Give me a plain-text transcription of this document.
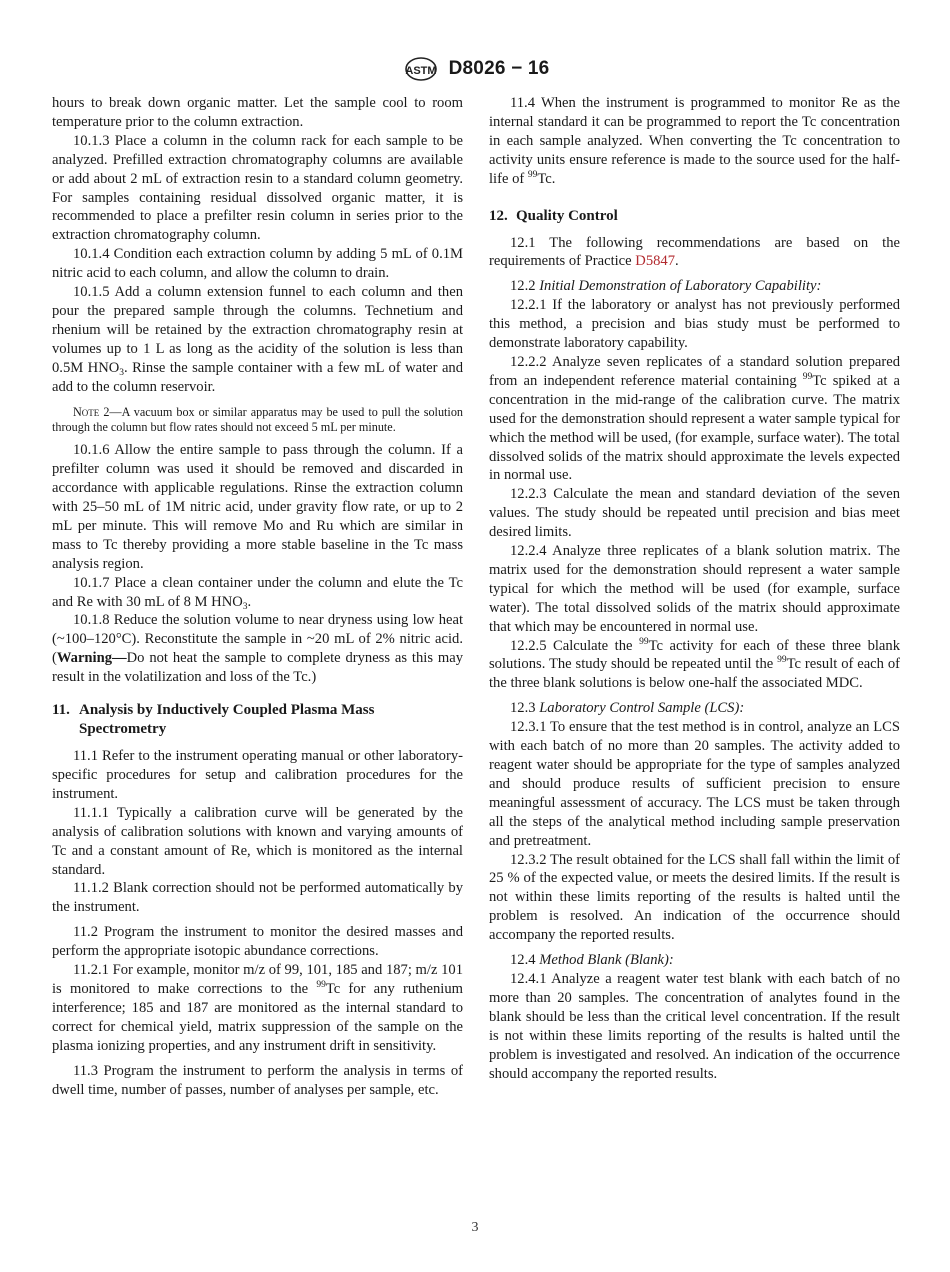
ASTM D8026 − 16

hours to break down organic matter. Let the sample cool to room temperature prior to the column extraction.

10.1.3 Place a column in the column rack for each sample to be analyzed. Prefilled extraction chromatography columns are available or add about 2 mL of extraction resin to a standard column geometry. For samples containing residual dissolved organic matter, it is recommended to place a prefilter resin column in series prior to the extraction chromatography column.

10.1.4 Condition each extraction column by adding 5 mL of 0.1M nitric acid to each column, and allow the column to drain.

10.1.5 Add a column extension funnel to each column and then pour the prepared sample through the columns. Technetium and rhenium will be retained by the extraction chromatography resin at volumes up to 1 L as long as the acidity of the solution is less than 0.5M $HNO_3$. Rinse the sample container with a few mL of water and add to the column reservoir.

Note 2—A vacuum box or similar apparatus may be used to pull the solution through the column but flow rates should not exceed 5 mL per minute.

10.1.6 Allow the entire sample to pass through the column. If a prefilter column was used it should be removed and discarded in accordance with applicable regulations. Rinse the extraction column with 25–50 mL of 1M nitric acid, under gravity flow rate, or up to 2 mL per minute. This will remove Mo and Ru which are similar in mass to Tc thereby providing a more stable baseline in the Tc mass analysis region.

10.1.7 Place a clean container under the column and elute the Tc and Re with 30 mL of 8 M $HNO_3$.

10.1.8 Reduce the solution volume to near dryness using low heat (~100–120°C). Reconstitute the sample in ~20 mL of 2% nitric acid. (Warning—Do not heat the sample to complete dryness as this may result in the volatilization and loss of the Tc.)

11. Analysis by Inductively Coupled Plasma Mass
Spectrometry

11.1 Refer to the instrument operating manual or other laboratory-specific procedures for setup and calibration procedures for the instrument.

11.1.1 Typically a calibration curve will be generated by the analysis of calibration solutions with known and varying amounts of Tc and a constant amount of Re, which is monitored as the internal standard.

11.1.2 Blank correction should not be performed automatically by the instrument.

11.2 Program the instrument to monitor the desired masses and perform the appropriate isotopic abundance corrections.

11.2.1 For example, monitor m/z of 99, 101, 185 and 187; m/z 101 is monitored to make corrections to the $^{99}$Tc for any ruthenium interference; 185 and 187 are monitored as the internal standard to correct for chemical yield, matrix suppression of the sample on the plasma ionizing properties, and any instrument drift in sensitivity.

11.3 Program the instrument to perform the analysis in terms of dwell time, number of passes, number of analyses per sample, etc.

11.4 When the instrument is programmed to monitor Re as the internal standard it can be programmed to report the Tc concentration in each sample analyzed. When converting the Tc concentration to activity units ensure reference is made to the source used for the half-life of $^{99}$Tc.

12. Quality Control

12.1 The following recommendations are based on the requirements of Practice D5847.

12.2 Initial Demonstration of Laboratory Capability:

12.2.1 If the laboratory or analyst has not previously performed this method, a precision and bias study must be performed to demonstrate laboratory capability.

12.2.2 Analyze seven replicates of a standard solution prepared from an independent reference material containing $^{99}$Tc spiked at a concentration in the mid-range of the calibration curve. The matrix used for the demonstration should represent a water sample typical for which the method will be used, (for example, surface water). The total dissolved solids of the matrix should approximate the levels expected in normal use.

12.2.3 Calculate the mean and standard deviation of the seven values. The study should be repeated until precision and bias meet desired limits.

12.2.4 Analyze three replicates of a blank solution matrix. The matrix used for the demonstration should represent a water sample typical for which the method will be used (for example, surface water). The total dissolved solids of the matrix should approximate that which may be encountered in normal use.

12.2.5 Calculate the $^{99}$Tc activity for each of these three blank solutions. The study should be repeated until the $^{99}$Tc result of each of the three blank solutions is below one-half the associated MDC.

12.3 Laboratory Control Sample (LCS):

12.3.1 To ensure that the test method is in control, analyze an LCS with each batch of no more than 20 samples. The activity added to reagent water should be appropriate for the type of samples analyzed and should produce results of sufficient precision to ensure meaningful assessment of accuracy. The LCS must be taken through all the steps of the analytical method including sample preservation and pretreatment.

12.3.2 The result obtained for the LCS shall fall within the limit of 25 % of the expected value, or meets the desired limits. If the result is not within these limits reporting of the results is halted until the problem is resolved. An indication of the occurrence should accompany the reported results.

12.4 Method Blank (Blank):

12.4.1 Analyze a reagent water test blank with each batch of no more than 20 samples. The concentration of analytes found in the blank should be less than the critical level concentration. If the result is not within these limits reporting of the results is halted until the problem is investigated and resolved. An indication of the occurrence should accompany the reported results.

3
